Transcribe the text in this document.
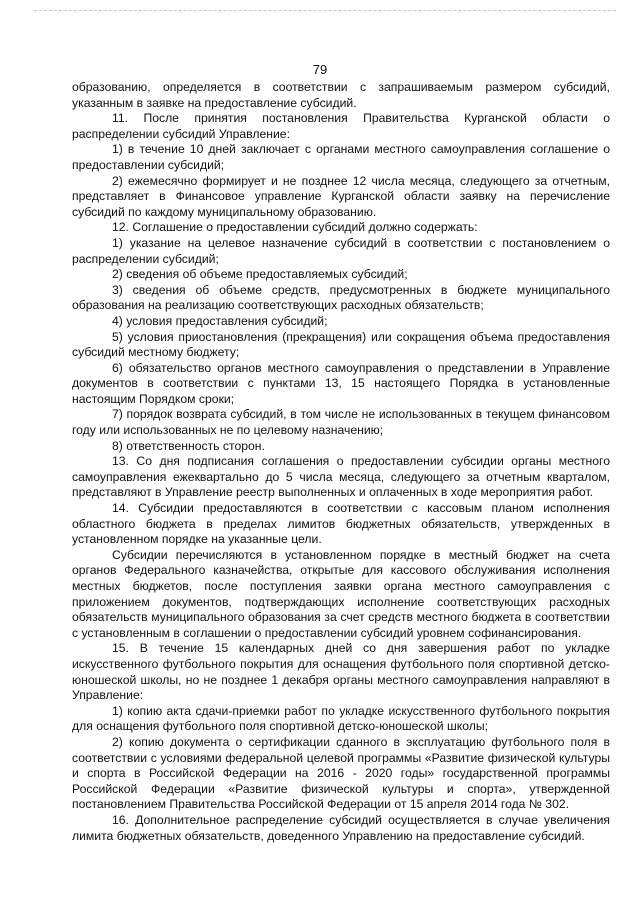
79

образованию, определяется в соответствии с запрашиваемым размером субсидий, указанным в заявке на предоставление субсидий.

11. После принятия постановления Правительства Курганской области о распределении субсидий Управление:

1) в течение 10 дней заключает с органами местного самоуправления соглашение о предоставлении субсидий;

2) ежемесячно формирует и не позднее 12 числа месяца, следующего за отчетным, представляет в Финансовое управление Курганской области заявку на перечисление субсидий по каждому муниципальному образованию.

12. Соглашение о предоставлении субсидий должно содержать:

1) указание на целевое назначение субсидий в соответствии с постановлением о распределении субсидий;

2) сведения об объеме предоставляемых субсидий;

3) сведения об объеме средств, предусмотренных в бюджете муниципального образования на реализацию соответствующих расходных обязательств;

4) условия предоставления субсидий;

5) условия приостановления (прекращения) или сокращения объема предоставления субсидий местному бюджету;

6) обязательство органов местного самоуправления о представлении в Управление документов в соответствии с пунктами 13, 15 настоящего Порядка в установленные настоящим Порядком сроки;

7) порядок возврата субсидий, в том числе не использованных в текущем финансовом году или использованных не по целевому назначению;

8) ответственность сторон.

13. Со дня подписания соглашения о предоставлении субсидии органы местного самоуправления ежеквартально до 5 числа месяца, следующего за отчетным кварталом, представляют в Управление реестр выполненных и оплаченных в ходе мероприятия работ.

14. Субсидии предоставляются в соответствии с кассовым планом исполнения областного бюджета в пределах лимитов бюджетных обязательств, утвержденных в установленном порядке на указанные цели.

Субсидии перечисляются в установленном порядке в местный бюджет на счета органов Федерального казначейства, открытые для кассового обслуживания исполнения местных бюджетов, после поступления заявки органа местного самоуправления с приложением документов, подтверждающих исполнение соответствующих расходных обязательств муниципального образования за счет средств местного бюджета в соответствии с установленным в соглашении о предоставлении субсидий уровнем софинансирования.

15. В течение 15 календарных дней со дня завершения работ по укладке искусственного футбольного покрытия для оснащения футбольного поля спортивной детско-юношеской школы, но не позднее 1 декабря органы местного самоуправления направляют в Управление:

1) копию акта сдачи-приемки работ по укладке искусственного футбольного покрытия для оснащения футбольного поля спортивной детско-юношеской школы;

2) копию документа о сертификации сданного в эксплуатацию футбольного поля в соответствии с условиями федеральной целевой программы «Развитие физической культуры и спорта в Российской Федерации на 2016 - 2020 годы» государственной программы Российской Федерации «Развитие физической культуры и спорта», утвержденной постановлением Правительства Российской Федерации от 15 апреля 2014 года № 302.

16. Дополнительное распределение субсидий осуществляется в случае увеличения лимита бюджетных обязательств, доведенного Управлению на предоставление субсидий.
